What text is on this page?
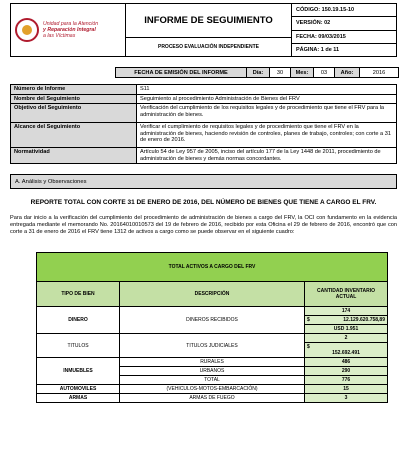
Unidad para la Atención
y Reparación Integral
a las Víctimas
INFORME DE SEGUIMIENTO
PROCESO EVALUACIÓN INDEPENDIENTE
CÓDIGO: 150.19.15-10
VERSIÓN: 02
FECHA: 09/03/2015
PÁGINA: 1 de 11
FECHA DE EMISIÓN DEL INFORME	Día:	30	Mes:	03	Año:	2016
Número de Informe	S11
Nombre del Seguimiento	Seguimiento al procedimiento Administración de Bienes del FRV
Objetivo del Seguimiento	Verificación del cumplimiento de los requisitos legales y de procedimiento que tiene el FRV para la administración de bienes.
Alcance del Seguimiento	Verificar el cumplimiento de requisitos legales y de procedimiento que tiene el FRV en la administración de bienes, haciendo revisión de controles, planes de trabajo, controles; con corte a 31 de enero de 2016.
Normatividad	Artículo 54 de Ley 957 de 2005, inciso del artículo 177 de la Ley 1448 de 2011, procedimiento de administración de bienes y demás normas concordantes.
A. Análisis y Observaciones
REPORTE TOTAL CON CORTE 31 DE ENERO DE 2016, DEL NÚMERO DE BIENES QUE TIENE A CARGO EL FRV.

Para dar inicio a la verificación del cumplimiento del procedimiento de administración de bienes a cargo del FRV, la OCI con fundamento en la evidencia entregada mediante el memorando No. 20164010010573 del 19 de febrero de 2016, recibido por esta Oficina el 29 de febrero de 2016, encontró que con corte a 31 de enero de 2016 el FRV tiene 1312 de activos a cargo como se puede observar en el siguiente cuadro:

TOTAL ACTIVOS A CARGO DEL FRV		
TIPO DE BIEN	DESCRIPCIÓN	CANTIDAD INVENTARIO ACTUAL
DINERO	DINEROS RECIBIDOS	174

		$ 12.129.620.758,89

		USD 1.951
TITULOS	TITULOS JUDICIALES	2

		$
152.692.491

INMUEBLES	RURALES	486
	URBANOS	290
	TOTAL	776
AUTOMOVILES	(VEHICULOS-MOTOS-EMBARCACIÓN)	15
ARMAS	ARMAS DE FUEGO	3
